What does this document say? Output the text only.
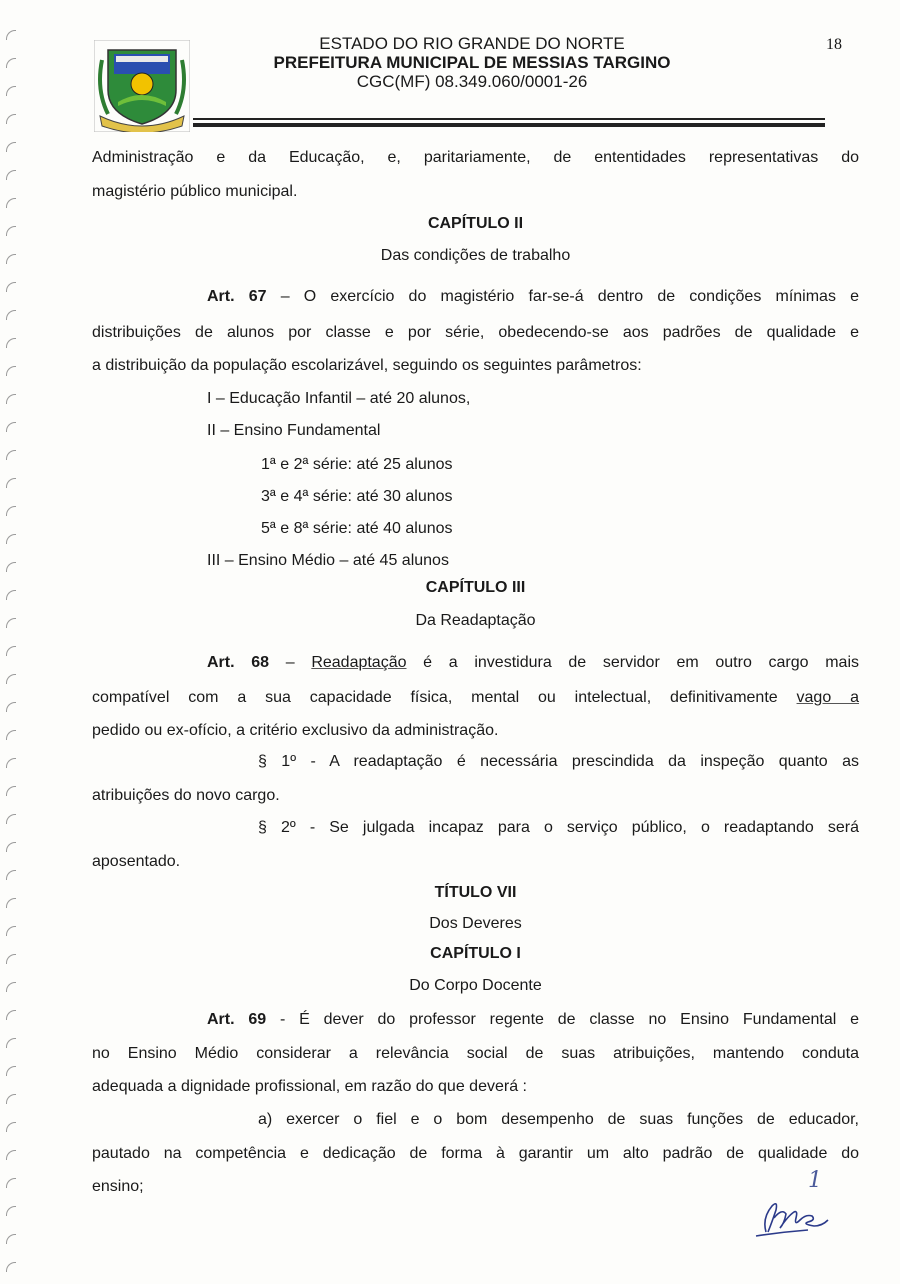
ESTADO DO RIO GRANDE DO NORTE
PREFEITURA MUNICIPAL DE MESSIAS TARGINO
CGC(MF) 08.349.060/0001-26
18
Administração e da Educação, e, paritariamente, de ententidades representativas do
magistério público municipal.
CAPÍTULO II
Das condições de trabalho
Art. 67 – O exercício do magistério far-se-á dentro de condições mínimas e
distribuições de alunos por classe e por série, obedecendo-se aos padrões de qualidade e
a distribuição da população escolarizável, seguindo os seguintes parâmetros:
I – Educação Infantil – até 20 alunos,
II – Ensino Fundamental
1ª e 2ª série: até 25 alunos
3ª e 4ª série: até 30 alunos
5ª e 8ª série: até 40 alunos
III – Ensino Médio – até 45 alunos
CAPÍTULO III
Da Readaptação
Art. 68 – Readaptação é a investidura de servidor em outro cargo mais
compatível com a sua capacidade física, mental ou intelectual, definitivamente vago a
pedido ou ex-ofício, a critério exclusivo da administração.
§ 1º - A readaptação é necessária prescindida da inspeção quanto as
atribuições do novo cargo.
§ 2º - Se julgada incapaz para o serviço público, o readaptando será
aposentado.
TÍTULO VII
Dos Deveres
CAPÍTULO I
Do Corpo Docente
Art. 69 - É dever do professor regente de classe no Ensino Fundamental e
no Ensino Médio considerar a relevância social de suas atribuições, mantendo conduta
adequada a dignidade profissional, em razão do que deverá :
a) exercer o fiel e o bom desempenho de suas funções de educador,
pautado na competência e dedicação de forma à garantir um alto padrão de qualidade do
ensino;	1
